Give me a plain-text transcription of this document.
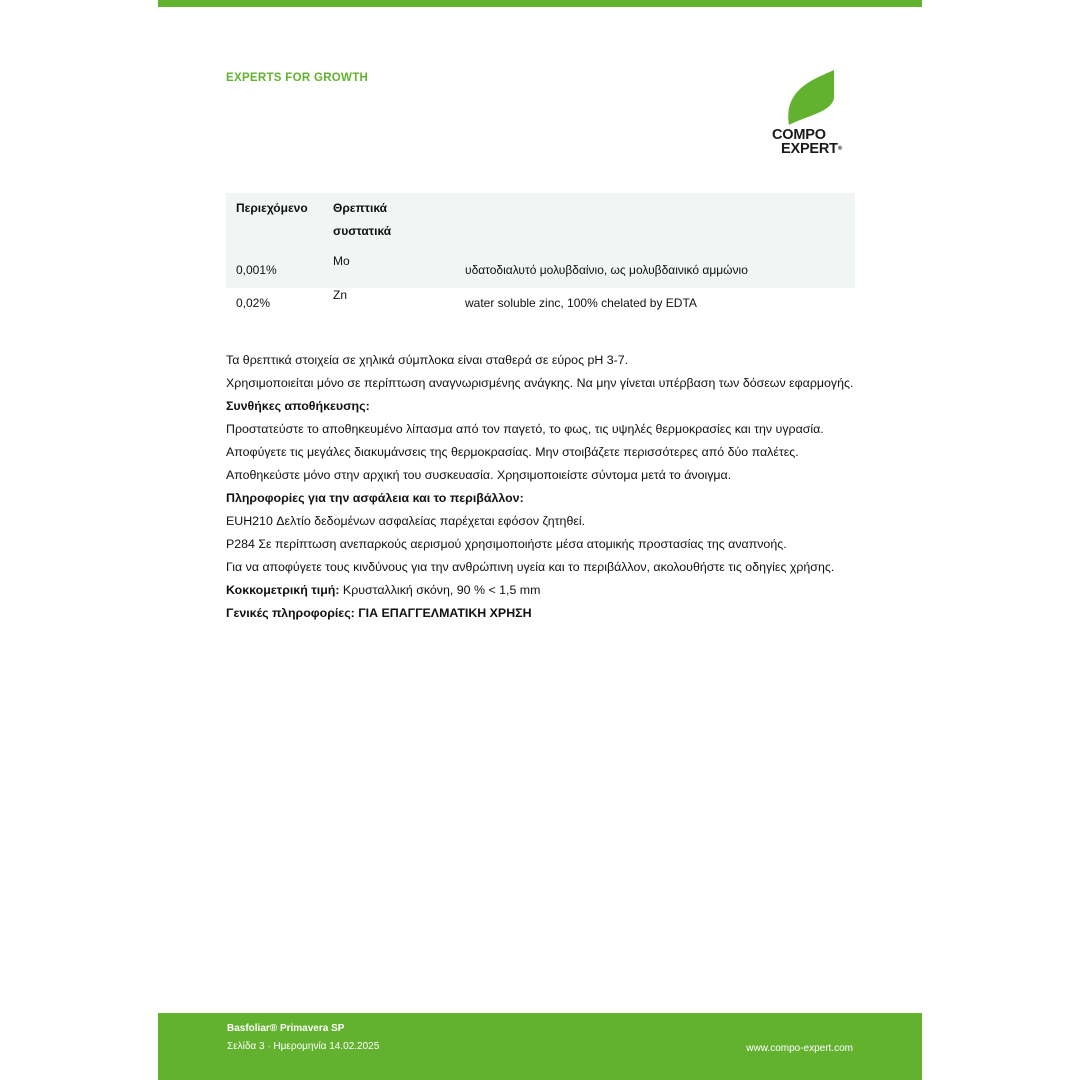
EXPERTS FOR GROWTH
COMPO
EXPERT®
Περιεχόμενο Θρεπτικά
συστατικά
0,001%
Mo
υδατοδιαλυτό μολυβδαίνιο, ως μολυβδαινικό αμμώνιο
0,02%
Zn
water soluble zinc, 100% chelated by EDTA

Τα θρεπτικά στοιχεία σε χηλικά σύμπλοκα είναι σταθερά σε εύρος pH 3-7.

Χρησιμοποιείται μόνο σε περίπτωση αναγνωρισμένης ανάγκης. Να μην γίνεται υπέρβαση των δόσεων εφαρμογής.

Συνθήκες αποθήκευσης:

Προστατεύστε το αποθηκευμένο λίπασμα από τον παγετό, το φως, τις υψηλές θερμοκρασίες και την υγρασία. Αποφύγετε τις μεγάλες διακυμάνσεις της θερμοκρασίας. Μην στοιβάζετε περισσότερες από δύο παλέτες. Αποθηκεύστε μόνο στην αρχική του συσκευασία. Χρησιμοποιείστε σύντομα μετά το άνοιγμα.

Πληροφορίες για την ασφάλεια και το περιβάλλον:

EUH210 Δελτίο δεδομένων ασφαλείας παρέχεται εφόσον ζητηθεί.

P284 Σε περίπτωση ανεπαρκούς αερισμού χρησιμοποιήστε μέσα ατομικής προστασίας της αναπνοής.

Για να αποφύγετε τους κινδύνους για την ανθρώπινη υγεία και το περιβάλλον, ακολουθήστε τις οδηγίες χρήσης.

Κοκκομετρική τιμή: Κρυσταλλική σκόνη, 90 % < 1,5 mm

Γενικές πληροφορίες: ΓΙΑ ΕΠΑΓΓΕΛΜΑΤΙΚΗ ΧΡΗΣΗ

Basfoliar® Primavera SP
Σελίδα 3 · Ημερομηνία 14.02.2025	www.compo-expert.com
